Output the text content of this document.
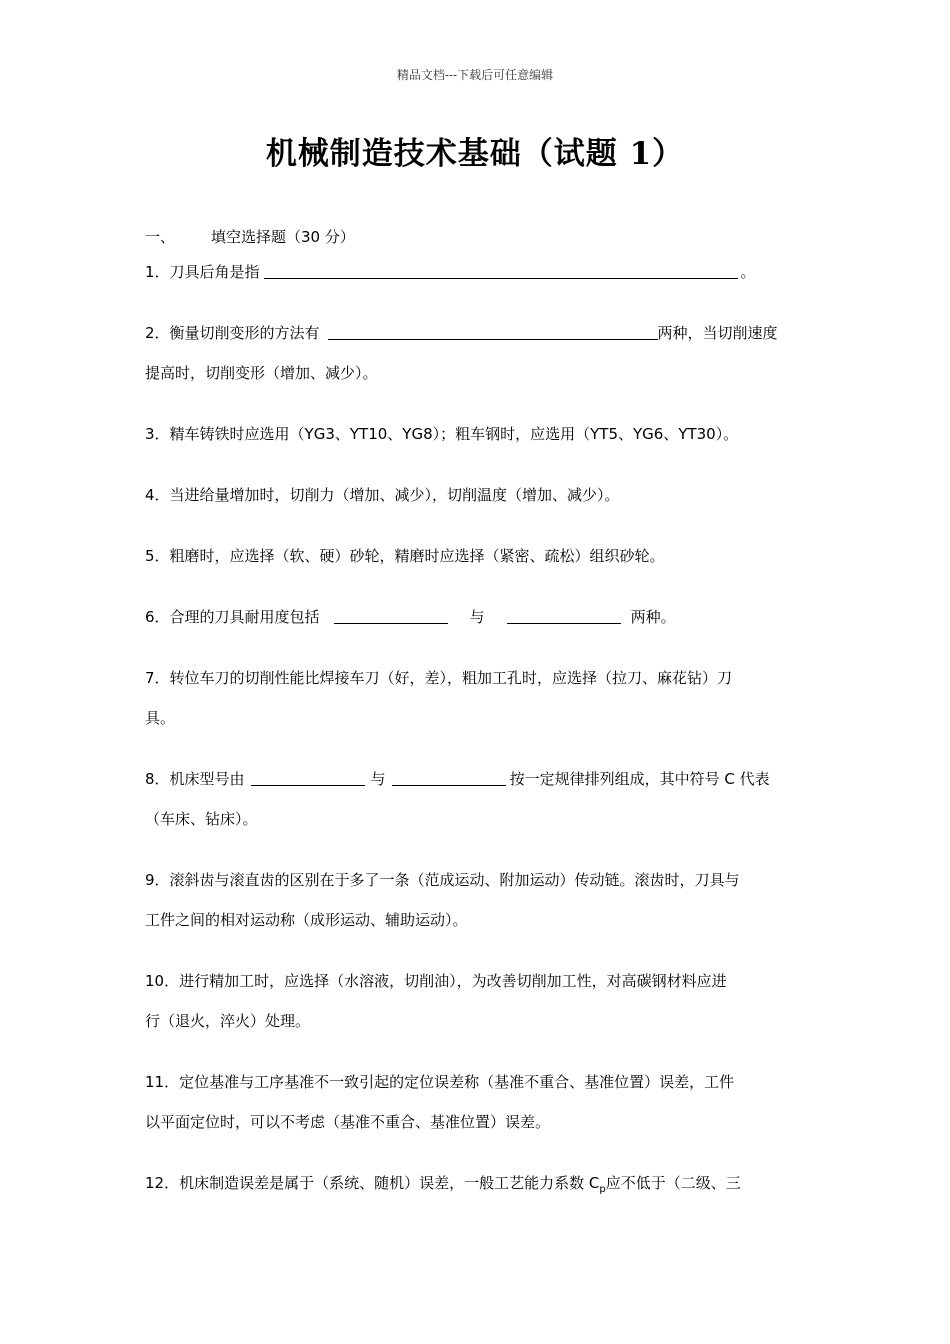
精品文档---下载后可任意编辑
机械制造技术基础（试题 1）
一、 填空选择题（30 分）
1．刀具后角是指	。
2．衡量切削变形的方法有	两种，当切削速度
提高时，切削变形（增加、减少）。
3．精车铸铁时应选用（YG3、YT10、YG8）；粗车钢时，应选用（YT5、YG6、YT30）。
4．当进给量增加时，切削力（增加、减少），切削温度（增加、减少）。
5．粗磨时，应选择（软、硬）砂轮，精磨时应选择（紧密、疏松）组织砂轮。
6．合理的刀具耐用度包括	与	两种。
7．转位车刀的切削性能比焊接车刀（好，差），粗加工孔时，应选择（拉刀、麻花钻）刀
具。
8．机床型号由	与	按一定规律排列组成，其中符号 C 代表
（车床、钻床）。
9．滚斜齿与滚直齿的区别在于多了一条（范成运动、附加运动）传动链。滚齿时，刀具与
工件之间的相对运动称（成形运动、辅助运动）。
10．进行精加工时，应选择（水溶液，切削油），为改善切削加工性，对高碳钢材料应进
行（退火，淬火）处理。
11．定位基准与工序基准不一致引起的定位误差称（基准不重合、基准位置）误差，工件
以平面定位时，可以不考虑（基准不重合、基准位置）误差。
12．机床制造误差是属于（系统、随机）误差，一般工艺能力系数 $C_p$应不低于（二级、三
